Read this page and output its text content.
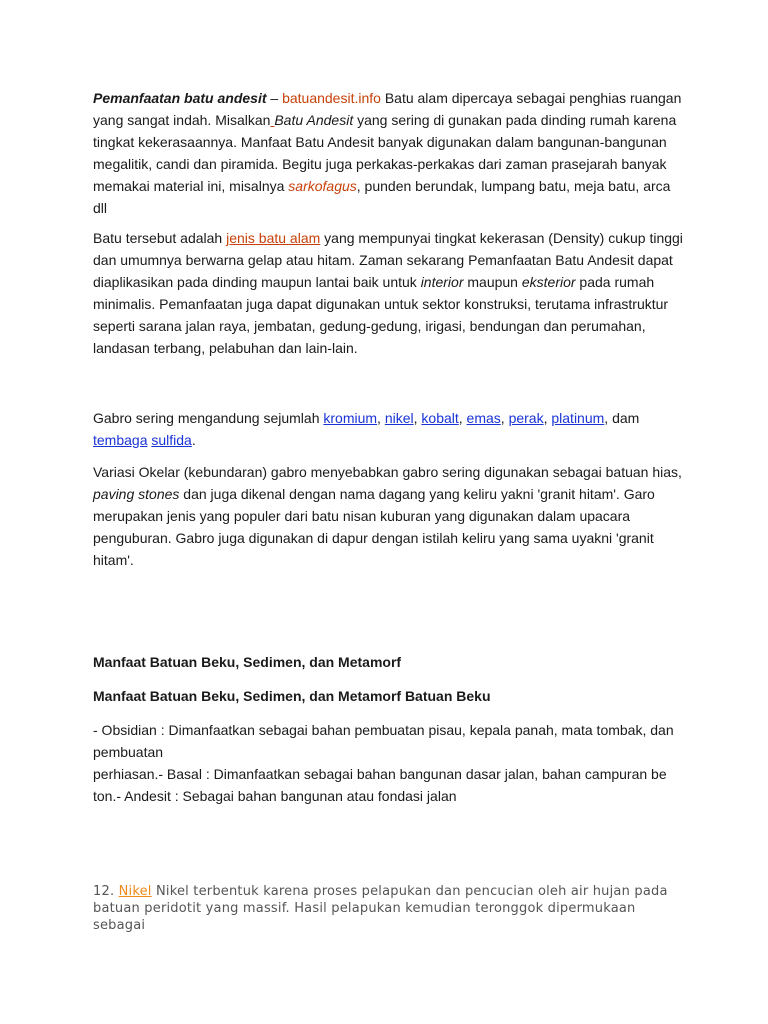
Pemanfaatan batu andesit – batuandesit.info Batu alam dipercaya sebagai penghias ruangan yang sangat indah. Misalkan Batu Andesit yang sering di gunakan pada dinding rumah karena tingkat kekerasaannya. Manfaat Batu Andesit banyak digunakan dalam bangunan-bangunan megalitik, candi dan piramida. Begitu juga perkakas-perkakas dari zaman prasejarah banyak memakai material ini, misalnya sarkofagus, punden berundak, lumpang batu, meja batu, arca dll

Batu tersebut adalah jenis batu alam yang mempunyai tingkat kekerasan (Density) cukup tinggi dan umumnya berwarna gelap atau hitam. Zaman sekarang Pemanfaatan Batu Andesit dapat diaplikasikan pada dinding maupun lantai baik untuk interior maupun eksterior pada rumah minimalis. Pemanfaatan juga dapat digunakan untuk sektor konstruksi, terutama infrastruktur seperti sarana jalan raya, jembatan, gedung-gedung, irigasi, bendungan dan perumahan, landasan terbang, pelabuhan dan lain-lain.

Gabro sering mengandung sejumlah kromium, nikel, kobalt, emas, perak, platinum, dam tembaga sulfida.

Variasi Okelar (kebundaran) gabro menyebabkan gabro sering digunakan sebagai batuan hias, paving stones dan juga dikenal dengan nama dagang yang keliru yakni 'granit hitam'. Garo merupakan jenis yang populer dari batu nisan kuburan yang digunakan dalam upacara penguburan. Gabro juga digunakan di dapur dengan istilah keliru yang sama uyakni 'granit hitam'.

Manfaat Batuan Beku, Sedimen, dan Metamorf

Manfaat Batuan Beku, Sedimen, dan Metamorf Batuan Beku

- Obsidian : Dimanfaatkan sebagai bahan pembuatan pisau, kepala panah, mata tombak, dan pembuatan

perhiasan.- Basal : Dimanfaatkan sebagai bahan bangunan dasar jalan, bahan campuran be ton.- Andesit : Sebagai bahan bangunan atau fondasi jalan

12. Nikel Nikel terbentuk karena proses pelapukan dan pencucian oleh air hujan pada batuan peridotit yang massif. Hasil pelapukan kemudian teronggok dipermukaan sebagai
